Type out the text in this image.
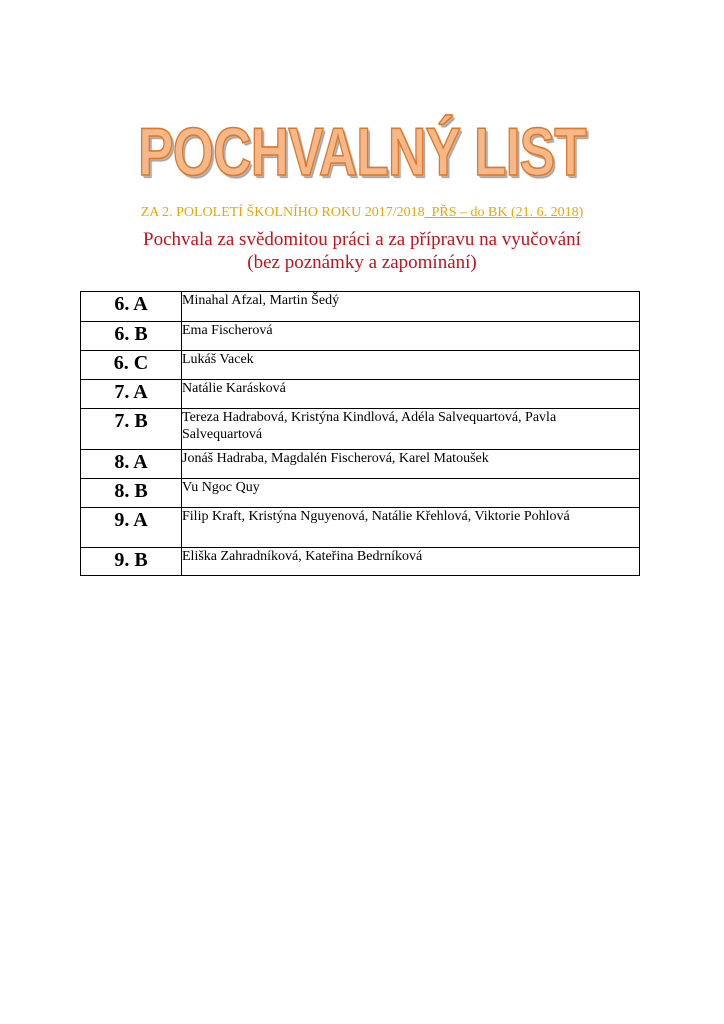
POCHVALNÝ LIST
ZA 2. POLOLETÍ ŠKOLNÍHO ROKU 2017/2018  PŘS – do BK (21. 6. 2018)
Pochvala za svědomitou práci a za přípravu na vyučování
(bez poznámky a zapomínání)
6. A	Minahal Afzal, Martin Šedý
6. B	Ema Fischerová
6. C	Lukáš Vacek
7. A	Natálie Karásková
7. B	Tereza Hadrabová, Kristýna Kindlová, Adéla Salvequartová, Pavla Salvequartová
8. A	Jonáš Hadraba, Magdalén Fischerová, Karel Matoušek
8. B	Vu Ngoc Quy
9. A	Filip Kraft, Kristýna Nguyenová, Natálie Křehlová, Viktorie Pohlová
9. B	Eliška Zahradníková, Kateřina Bedrníková
